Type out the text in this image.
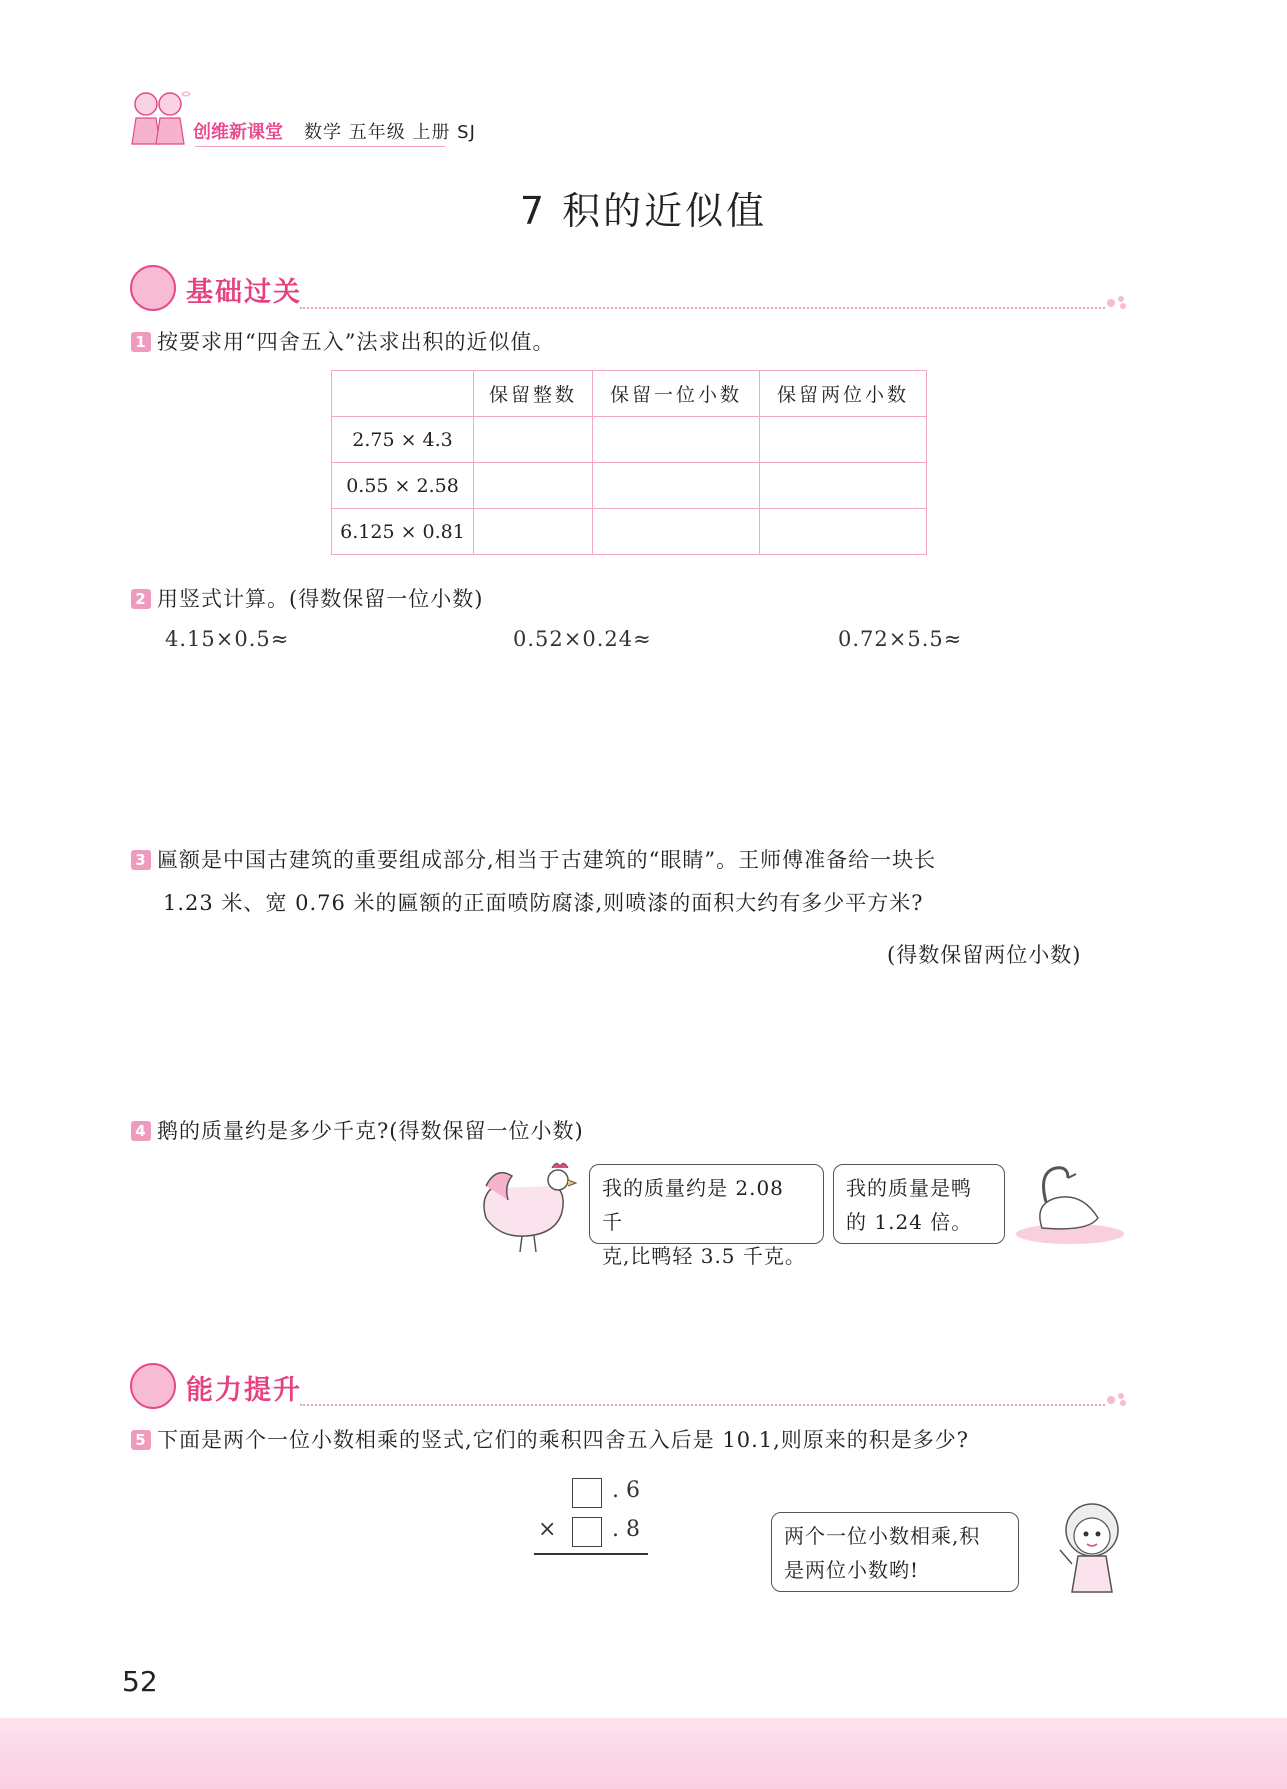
创维新课堂 数学 五年级 上册 SJ
7 积的近似值
基础过关
1 按要求用“四舍五入”法求出积的近似值。
	保留整数	保留一位小数	保留两位小数
2.75 × 4.3			
0.55 × 2.58			
6.125 × 0.81			
2 用竖式计算。(得数保留一位小数)
4.15×0.5≈	0.52×0.24≈	0.72×5.5≈
3 匾额是中国古建筑的重要组成部分,相当于古建筑的“眼睛”。王师傅准备给一块长
1.23 米、宽 0.76 米的匾额的正面喷防腐漆,则喷漆的面积大约有多少平方米?
(得数保留两位小数)
4 鹅的质量约是多少千克?(得数保留一位小数)
我的质量约是 2.08 千
克,比鸭轻 3.5 千克。
我的质量是鸭
的 1.24 倍。
能力提升
5 下面是两个一位小数相乘的竖式,它们的乘积四舍五入后是 10.1,则原来的积是多少?
. 6
×	. 8	两个一位小数相乘,积
是两位小数哟!
52
